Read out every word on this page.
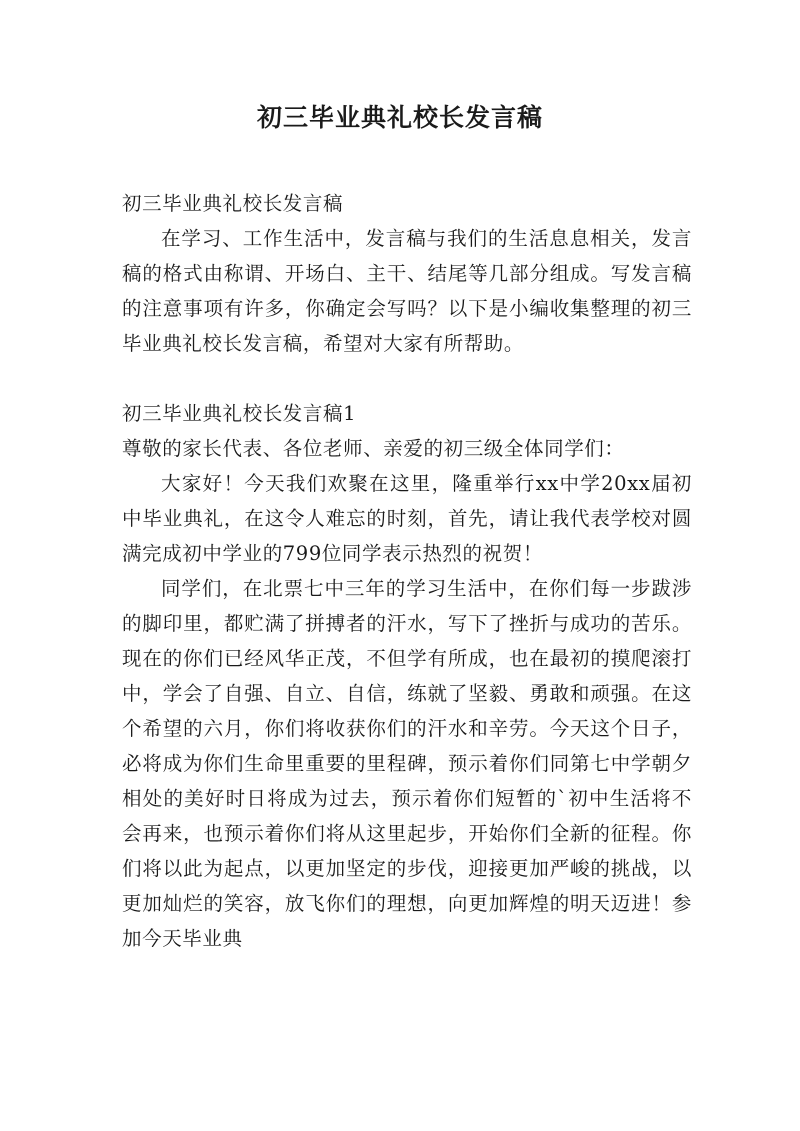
初三毕业典礼校长发言稿

初三毕业典礼校长发言稿

在学习、工作生活中，发言稿与我们的生活息息相关，发言稿的格式由称谓、开场白、主干、结尾等几部分组成。写发言稿的注意事项有许多，你确定会写吗？以下是小编收集整理的初三毕业典礼校长发言稿，希望对大家有所帮助。

初三毕业典礼校长发言稿1

尊敬的家长代表、各位老师、亲爱的初三级全体同学们：

大家好！今天我们欢聚在这里，隆重举行xx中学20xx届初中毕业典礼，在这令人难忘的时刻，首先，请让我代表学校对圆满完成初中学业的799位同学表示热烈的祝贺！

同学们，在北票七中三年的学习生活中，在你们每一步跋涉的脚印里，都贮满了拼搏者的汗水，写下了挫折与成功的苦乐。现在的你们已经风华正茂，不但学有所成，也在最初的摸爬滚打中，学会了自强、自立、自信，练就了坚毅、勇敢和顽强。在这个希望的六月，你们将收获你们的汗水和辛劳。今天这个日子，必将成为你们生命里重要的里程碑，预示着你们同第七中学朝夕相处的美好时日将成为过去，预示着你们短暂的`初中生活将不会再来，也预示着你们将从这里起步，开始你们全新的征程。你们将以此为起点，以更加坚定的步伐，迎接更加严峻的挑战，以更加灿烂的笑容，放飞你们的理想，向更加辉煌的明天迈进！参加今天毕业典
